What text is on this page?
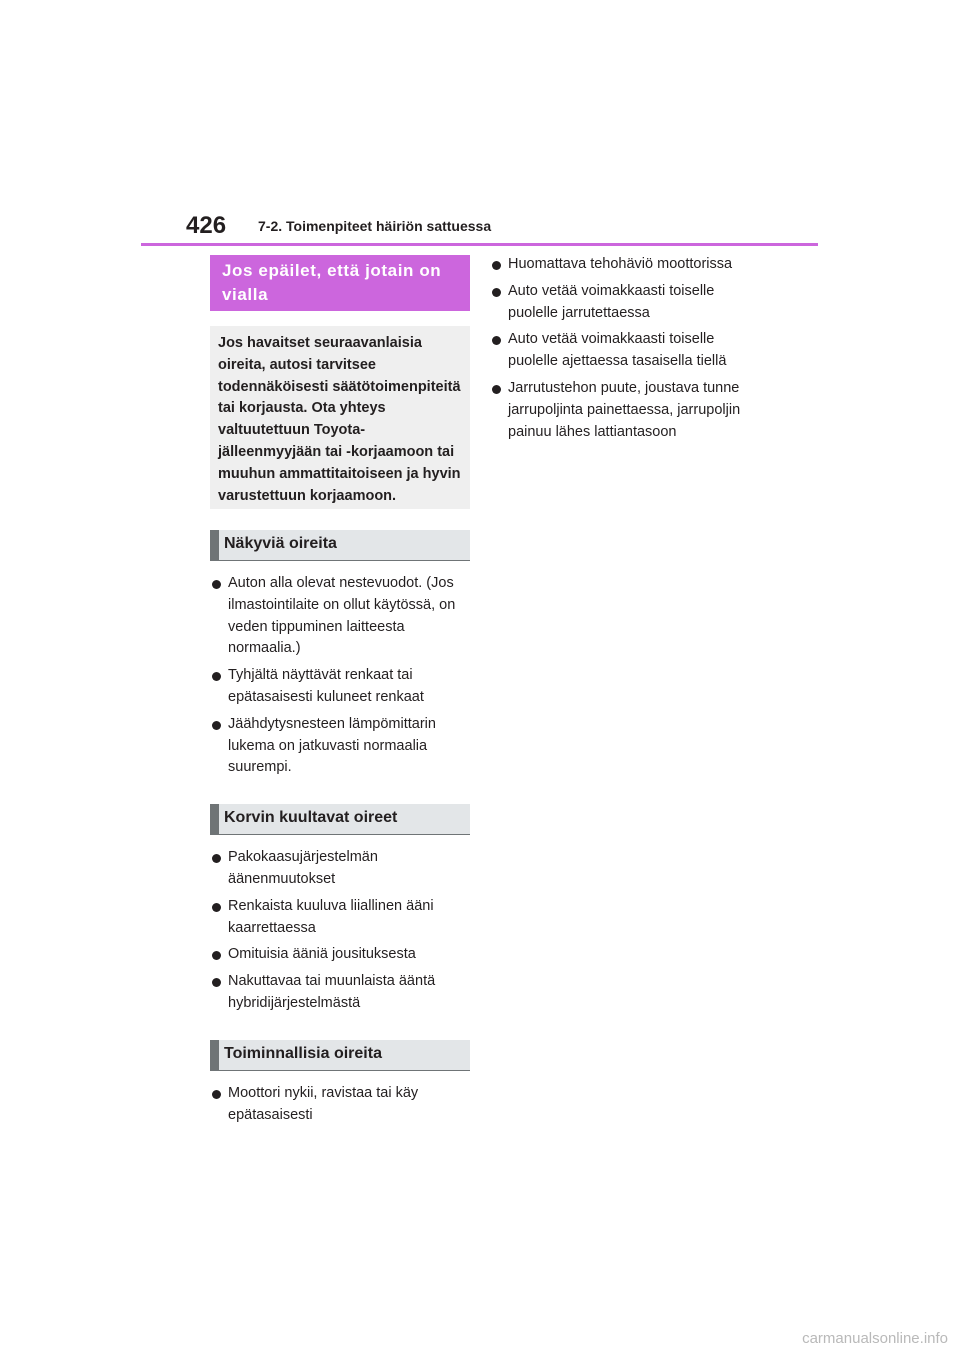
426 7-2. Toimenpiteet häiriön sattuessa
Jos epäilet, että jotain on vialla
Jos havaitset seuraavanlaisia oireita, autosi tarvitsee todennäköisesti säätötoimenpiteitä tai korjausta. Ota yhteys valtuutettuun Toyota-jälleenmyyjään tai -korjaamoon tai muuhun ammattitaitoiseen ja hyvin varustettuun korjaamoon.
Näkyviä oireita
Auton alla olevat nestevuodot. (Jos ilmastointilaite on ollut käytössä, on veden tippuminen laitteesta normaalia.)
Tyhjältä näyttävät renkaat tai epätasaisesti kuluneet renkaat
Jäähdytysnesteen lämpömittarin lukema on jatkuvasti normaalia suurempi.
Korvin kuultavat oireet
Pakokaasujärjestelmän äänenmuutokset
Renkaista kuuluva liiallinen ääni kaarrettaessa
Omituisia ääniä jousituksesta
Nakuttavaa tai muunlaista ääntä hybridijärjestelmästä
Toiminnallisia oireita
Moottori nykii, ravistaa tai käy epätasaisesti
Huomattava tehohäviö moottorissa
Auto vetää voimakkaasti toiselle puolelle jarrutettaessa
Auto vetää voimakkaasti toiselle puolelle ajettaessa tasaisella tiellä
Jarrutustehon puute, joustava tunne jarrupoljinta painettaessa, jarrupoljin painuu lähes lattiantasoon
carmanualsonline.info
